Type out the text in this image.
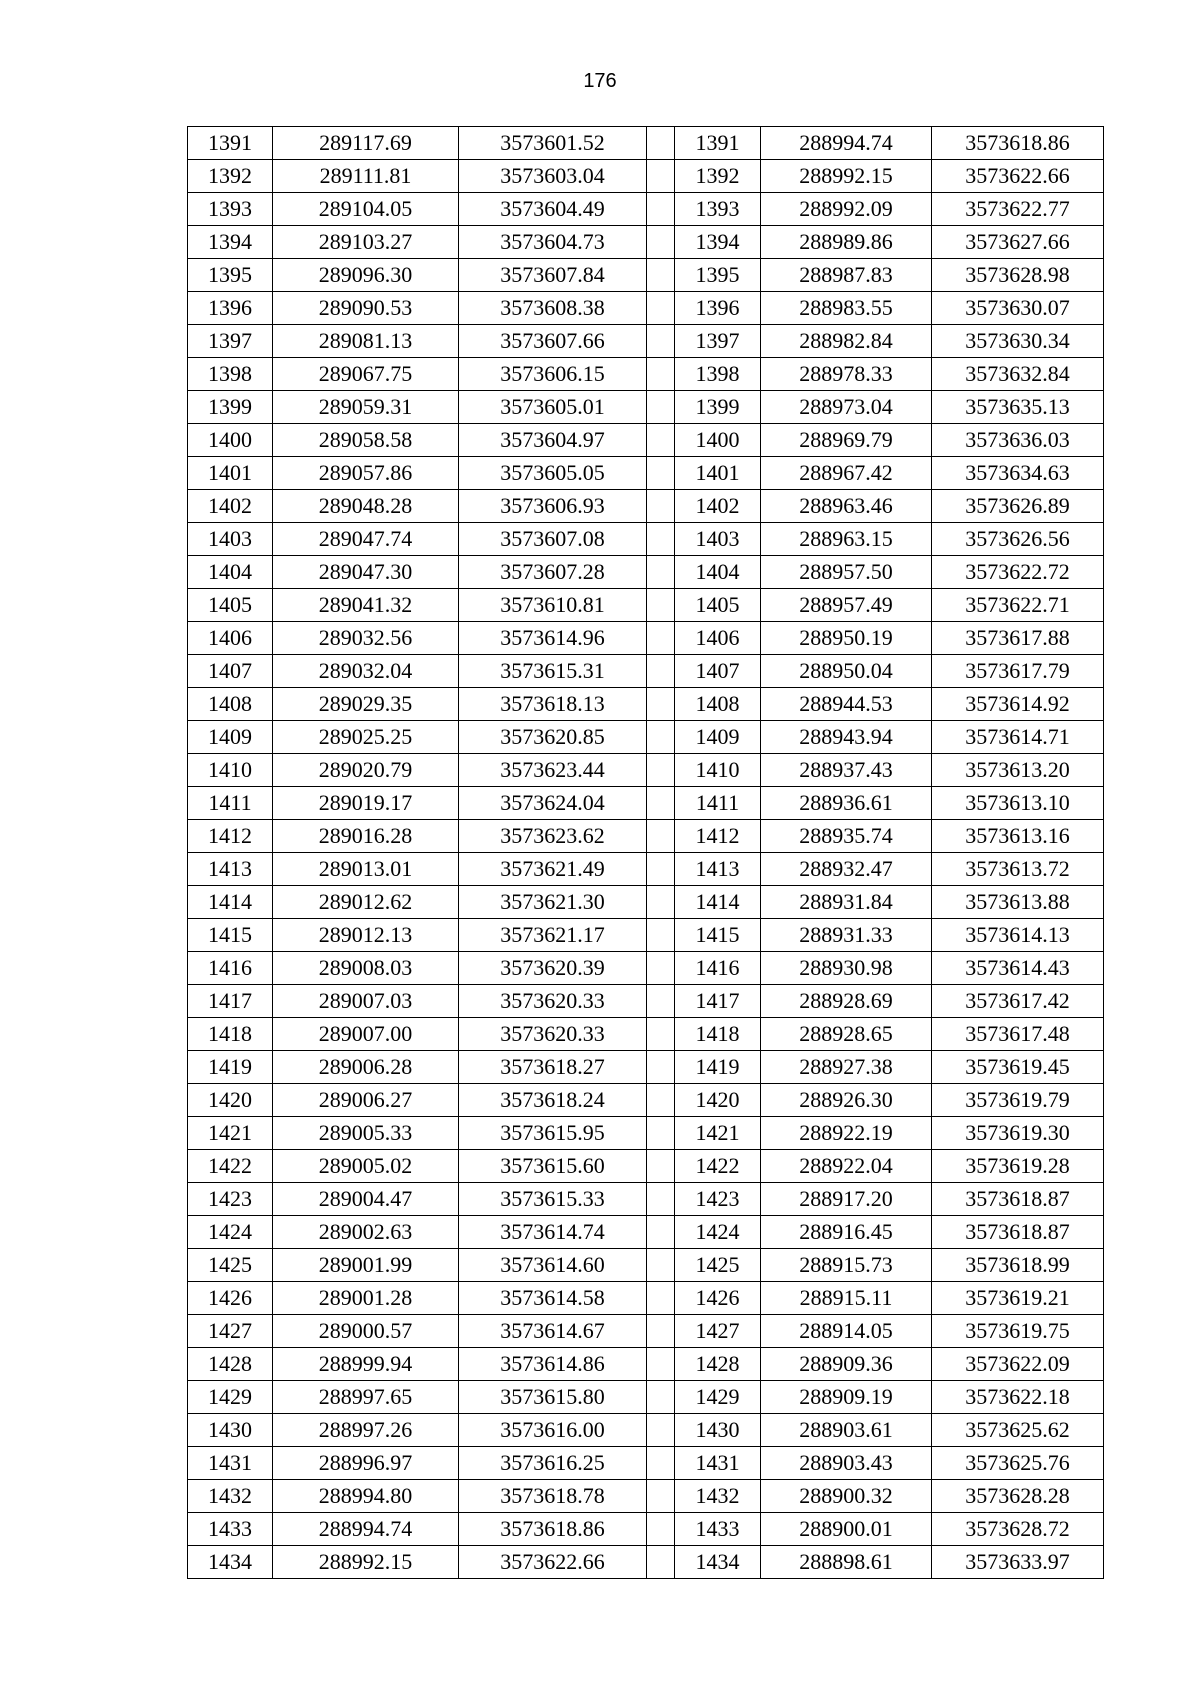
176
1391	289117.69	3573601.52		1391	288994.74	3573618.86
1392	289111.81	3573603.04		1392	288992.15	3573622.66
1393	289104.05	3573604.49		1393	288992.09	3573622.77
1394	289103.27	3573604.73		1394	288989.86	3573627.66
1395	289096.30	3573607.84		1395	288987.83	3573628.98
1396	289090.53	3573608.38		1396	288983.55	3573630.07
1397	289081.13	3573607.66		1397	288982.84	3573630.34
1398	289067.75	3573606.15		1398	288978.33	3573632.84
1399	289059.31	3573605.01		1399	288973.04	3573635.13
1400	289058.58	3573604.97		1400	288969.79	3573636.03
1401	289057.86	3573605.05		1401	288967.42	3573634.63
1402	289048.28	3573606.93		1402	288963.46	3573626.89
1403	289047.74	3573607.08		1403	288963.15	3573626.56
1404	289047.30	3573607.28		1404	288957.50	3573622.72
1405	289041.32	3573610.81		1405	288957.49	3573622.71
1406	289032.56	3573614.96		1406	288950.19	3573617.88
1407	289032.04	3573615.31		1407	288950.04	3573617.79
1408	289029.35	3573618.13		1408	288944.53	3573614.92
1409	289025.25	3573620.85		1409	288943.94	3573614.71
1410	289020.79	3573623.44		1410	288937.43	3573613.20
1411	289019.17	3573624.04		1411	288936.61	3573613.10
1412	289016.28	3573623.62		1412	288935.74	3573613.16
1413	289013.01	3573621.49		1413	288932.47	3573613.72
1414	289012.62	3573621.30		1414	288931.84	3573613.88
1415	289012.13	3573621.17		1415	288931.33	3573614.13
1416	289008.03	3573620.39		1416	288930.98	3573614.43
1417	289007.03	3573620.33		1417	288928.69	3573617.42
1418	289007.00	3573620.33		1418	288928.65	3573617.48
1419	289006.28	3573618.27		1419	288927.38	3573619.45
1420	289006.27	3573618.24		1420	288926.30	3573619.79
1421	289005.33	3573615.95		1421	288922.19	3573619.30
1422	289005.02	3573615.60		1422	288922.04	3573619.28
1423	289004.47	3573615.33		1423	288917.20	3573618.87
1424	289002.63	3573614.74		1424	288916.45	3573618.87
1425	289001.99	3573614.60		1425	288915.73	3573618.99
1426	289001.28	3573614.58		1426	288915.11	3573619.21
1427	289000.57	3573614.67		1427	288914.05	3573619.75
1428	288999.94	3573614.86		1428	288909.36	3573622.09
1429	288997.65	3573615.80		1429	288909.19	3573622.18
1430	288997.26	3573616.00		1430	288903.61	3573625.62
1431	288996.97	3573616.25		1431	288903.43	3573625.76
1432	288994.80	3573618.78		1432	288900.32	3573628.28
1433	288994.74	3573618.86		1433	288900.01	3573628.72
1434	288992.15	3573622.66		1434	288898.61	3573633.97
